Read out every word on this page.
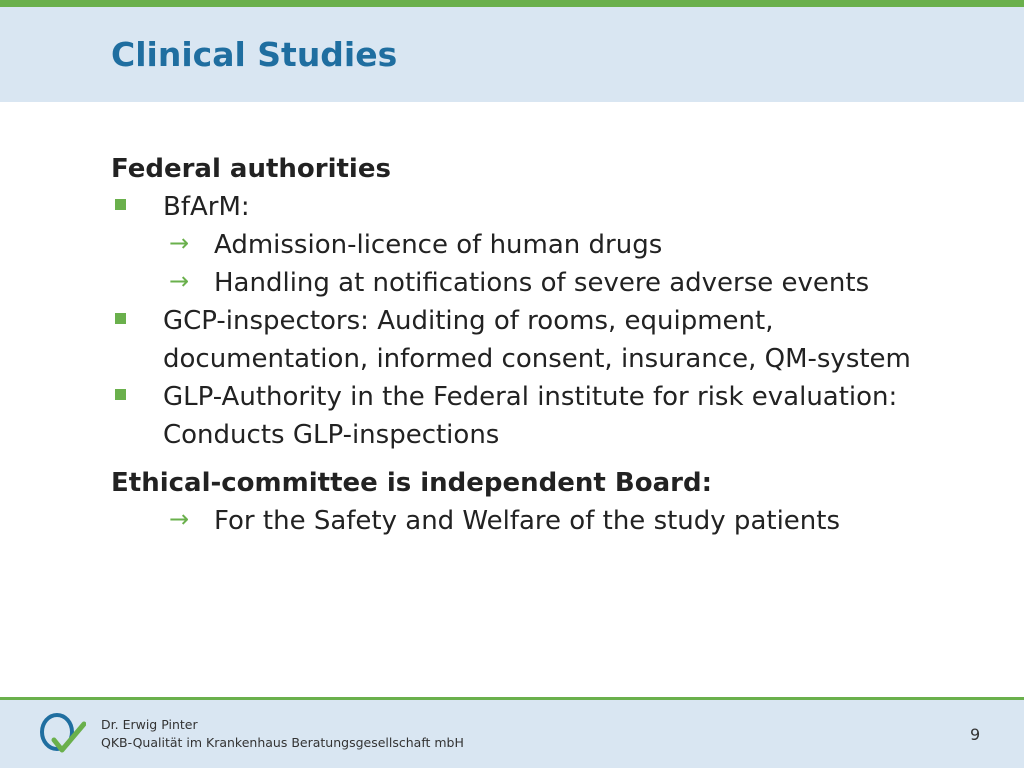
Clinical Studies

Federal authorities

BfArM:
→ Admission-licence of human drugs
→ Handling at notifications of severe adverse events
GCP-inspectors: Auditing of rooms, equipment,
documentation, informed consent, insurance, QM-system
GLP-Authority in the Federal institute for risk evaluation:
Conducts GLP-inspections

Ethical-committee is independent Board:

→ For the Safety and Welfare of the study patients
Dr. Erwig Pinter
QKB-Qualität im Krankenhaus Beratungsgesellschaft mbH	9
